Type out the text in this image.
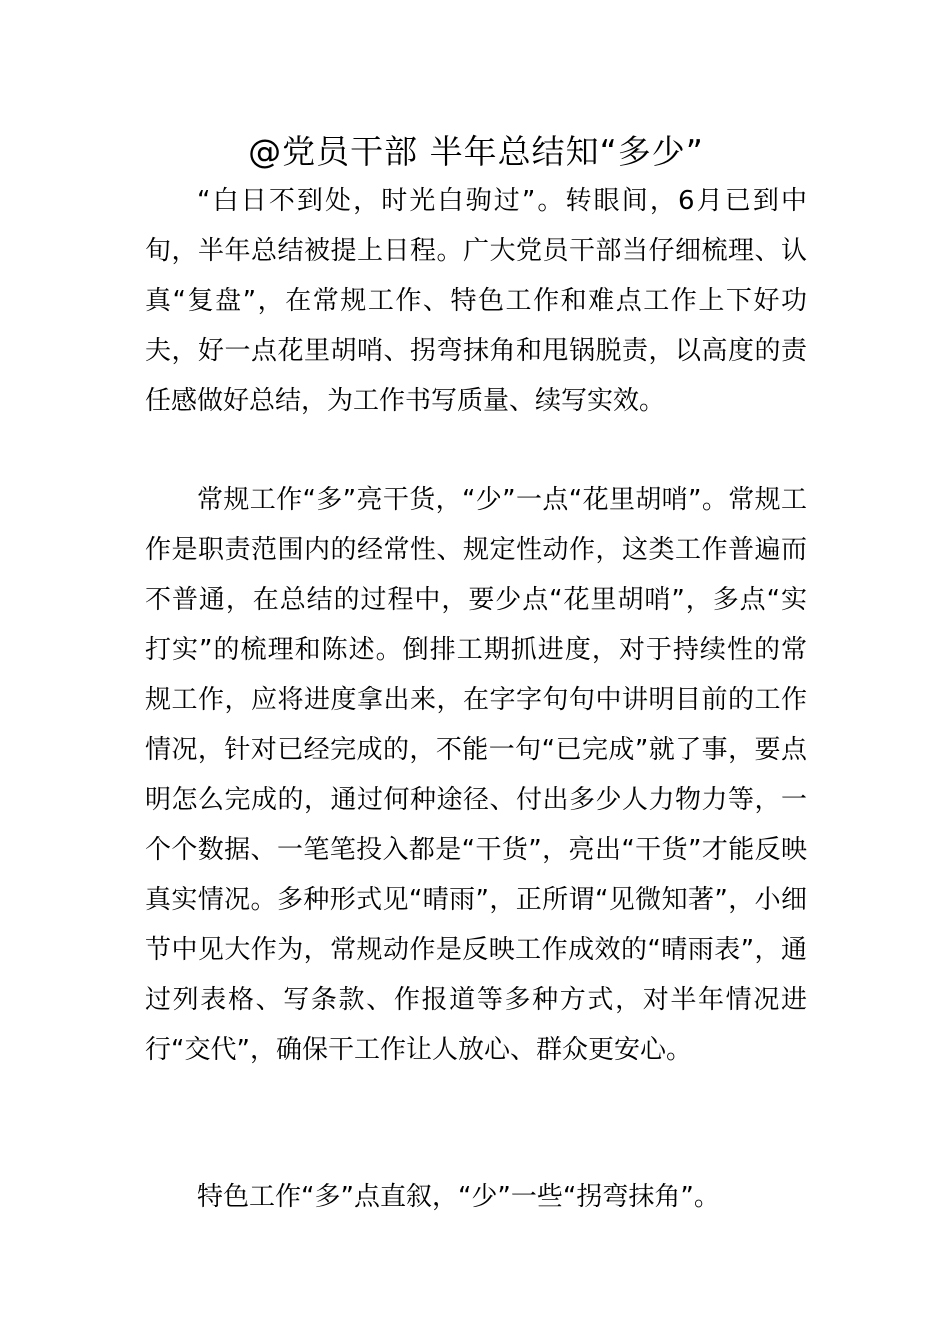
@党员干部 半年总结知“多少”

“白日不到处，时光白驹过”。转眼间，6月已到中旬，半年总结被提上日程。广大党员干部当仔细梳理、认真“复盘”，在常规工作、特色工作和难点工作上下好功夫，好一点花里胡哨、拐弯抹角和甩锅脱责，以高度的责任感做好总结，为工作书写质量、续写实效。

常规工作“多”亮干货，“少”一点“花里胡哨”。常规工作是职责范围内的经常性、规定性动作，这类工作普遍而不普通，在总结的过程中，要少点“花里胡哨”，多点“实打实”的梳理和陈述。倒排工期抓进度，对于持续性的常规工作，应将进度拿出来，在字字句句中讲明目前的工作情况，针对已经完成的，不能一句“已完成”就了事，要点明怎么完成的，通过何种途径、付出多少人力物力等，一个个数据、一笔笔投入都是“干货”，亮出“干货”才能反映真实情况。多种形式见“晴雨”，正所谓“见微知著”，小细节中见大作为，常规动作是反映工作成效的“晴雨表”，通过列表格、写条款、作报道等多种方式，对半年情况进行“交代”，确保干工作让人放心、群众更安心。

特色工作“多”点直叙，“少”一些“拐弯抹角”。
